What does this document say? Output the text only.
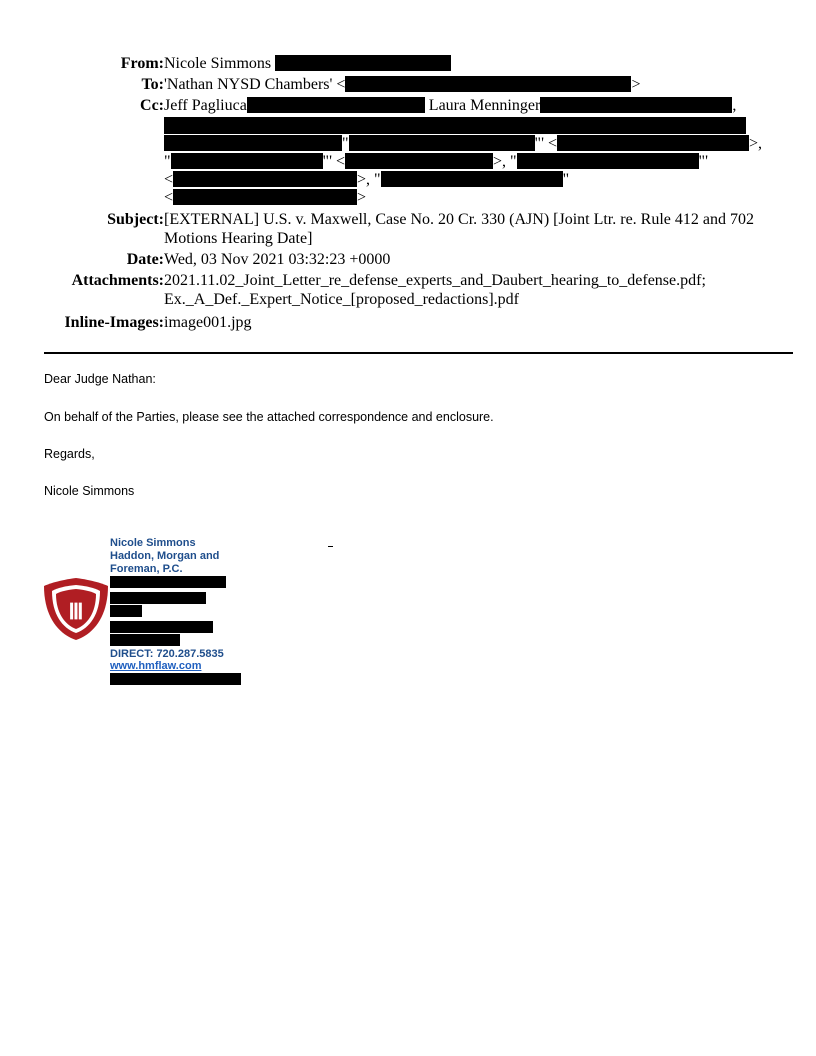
From: Nicole Simmons
To: 'Nathan NYSD Chambers' <	>
Cc: Jeff Pagliuca	Laura Menninger	,
"	"' <	>,
"	"' <	>, "	"'
<	>, "	"
<	>
Subject: [EXTERNAL] U.S. v. Maxwell, Case No. 20 Cr. 330 (AJN) [Joint Ltr. re. Rule 412 and 702
Motions Hearing Date]
Date: Wed, 03 Nov 2021 03:32:23 +0000
Attachments: 2021.11.02_Joint_Letter_re_defense_experts_and_Daubert_hearing_to_defense.pdf;
Ex._A_Def._Expert_Notice_[proposed_redactions].pdf
Inline-Images: image001.jpg
Dear Judge Nathan:
On behalf of the Parties, please see the attached correspondence and enclosure.
Regards,
Nicole Simmons
Ⅲ
Nicole Simmons
Haddon, Morgan and
Foreman, P.C.
DIRECT: 720.287.5835
www.hmflaw.com
